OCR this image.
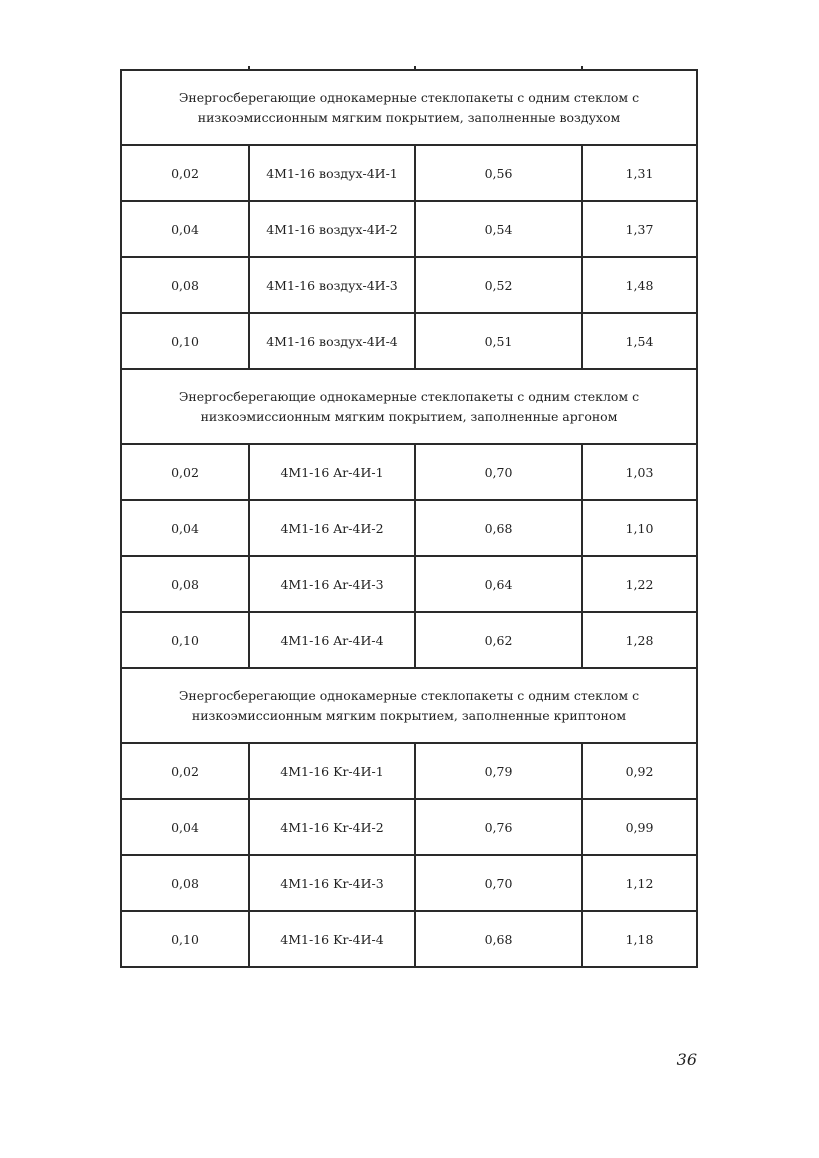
Энергосберегающие однокамерные стеклопакеты с одним стеклом с
низкоэмиссионным мягким покрытием, заполненные воздухом
0,02	4М1-16 воздух-4И-1	0,56	1,31
0,04	4М1-16 воздух-4И-2	0,54	1,37
0,08	4М1-16 воздух-4И-3	0,52	1,48
0,10	4М1-16 воздух-4И-4	0,51	1,54
Энергосберегающие однокамерные стеклопакеты с одним стеклом с
низкоэмиссионным мягким покрытием, заполненные аргоном
0,02	4М1-16 Ar-4И-1	0,70	1,03
0,04	4М1-16 Ar-4И-2	0,68	1,10
0,08	4М1-16 Ar-4И-3	0,64	1,22
0,10	4М1-16 Ar-4И-4	0,62	1,28
Энергосберегающие однокамерные стеклопакеты с одним стеклом с
низкоэмиссионным мягким покрытием, заполненные криптоном
0,02	4М1-16 Kr-4И-1	0,79	0,92
0,04	4М1-16 Kr-4И-2	0,76	0,99
0,08	4М1-16 Kr-4И-3	0,70	1,12
0,10	4М1-16 Kr-4И-4	0,68	1,18
36
